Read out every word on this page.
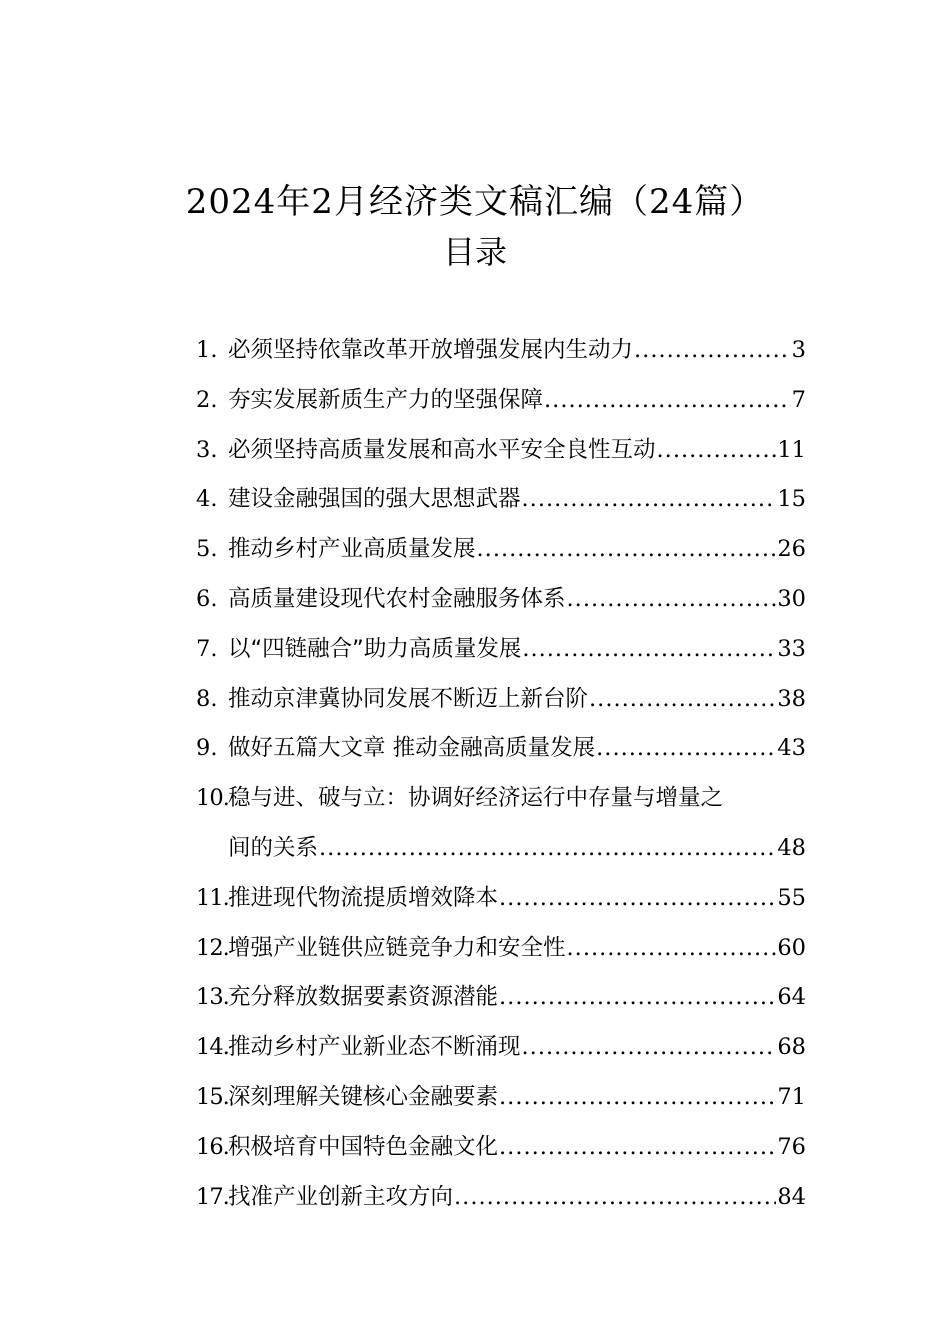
2024年2月经济类文稿汇编（24篇）
目录
1. 必须坚持依靠改革开放增强发展内生动力 .....	3
2. 夯实发展新质生产力的坚强保障 .....	7
3. 必须坚持高质量发展和高水平安全良性互动 .....	11
4. 建设金融强国的强大思想武器 .....	15
5. 推动乡村产业高质量发展 .....	26
6. 高质量建设现代农村金融服务体系 .....	30
7. 以“四链融合”助力高质量发展 .....	33
8. 推动京津冀协同发展不断迈上新台阶 .....	38
9. 做好五篇大文章 推动金融高质量发展 .....	43
10. 稳与进、破与立：协调好经济运行中存量与增量之
间的关系 .....	48
11. 推进现代物流提质增效降本 .....	55
12. 增强产业链供应链竞争力和安全性 .....	60
13. 充分释放数据要素资源潜能 .....	64
14. 推动乡村产业新业态不断涌现 .....	68
15. 深刻理解关键核心金融要素 .....	71
16. 积极培育中国特色金融文化 .....	76
17. 找准产业创新主攻方向 .....	84
